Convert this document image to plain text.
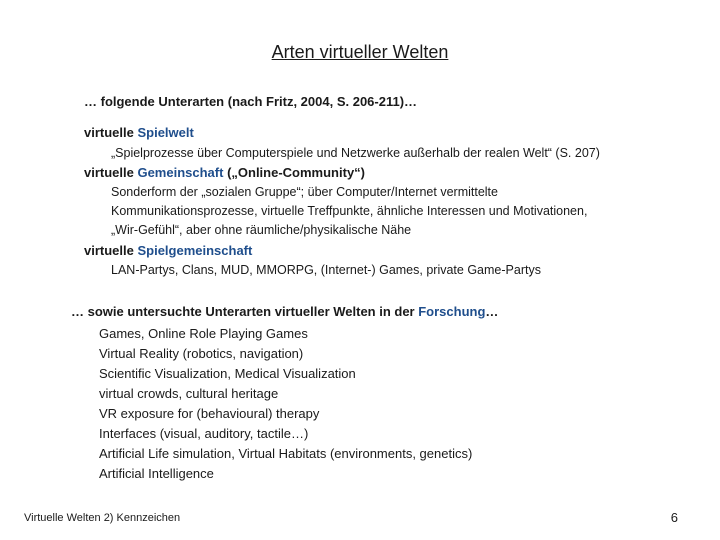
Arten virtueller Welten
… folgende Unterarten (nach Fritz, 2004, S. 206-211)…
virtuelle Spielwelt
„Spielprozesse über Computerspiele und Netzwerke außerhalb der realen Welt“ (S. 207)
virtuelle Gemeinschaft („Online-Community“)
Sonderform der „sozialen Gruppe“; über Computer/Internet vermittelte
Kommunikationsprozesse, virtuelle Treffpunkte, ähnliche Interessen und Motivationen,
„Wir-Gefühl“, aber ohne räumliche/physikalische Nähe
virtuelle Spielgemeinschaft
LAN-Partys, Clans, MUD, MMORPG, (Internet-) Games, private Game-Partys
… sowie untersuchte Unterarten virtueller Welten in der Forschung…
Games, Online Role Playing Games
Virtual Reality (robotics, navigation)
Scientific Visualization, Medical Visualization
virtual crowds, cultural heritage
VR exposure for (behavioural) therapy
Interfaces (visual, auditory, tactile…)
Artificial Life simulation, Virtual Habitats (environments, genetics)
Artificial Intelligence
Virtuelle Welten 2) Kennzeichen	6
